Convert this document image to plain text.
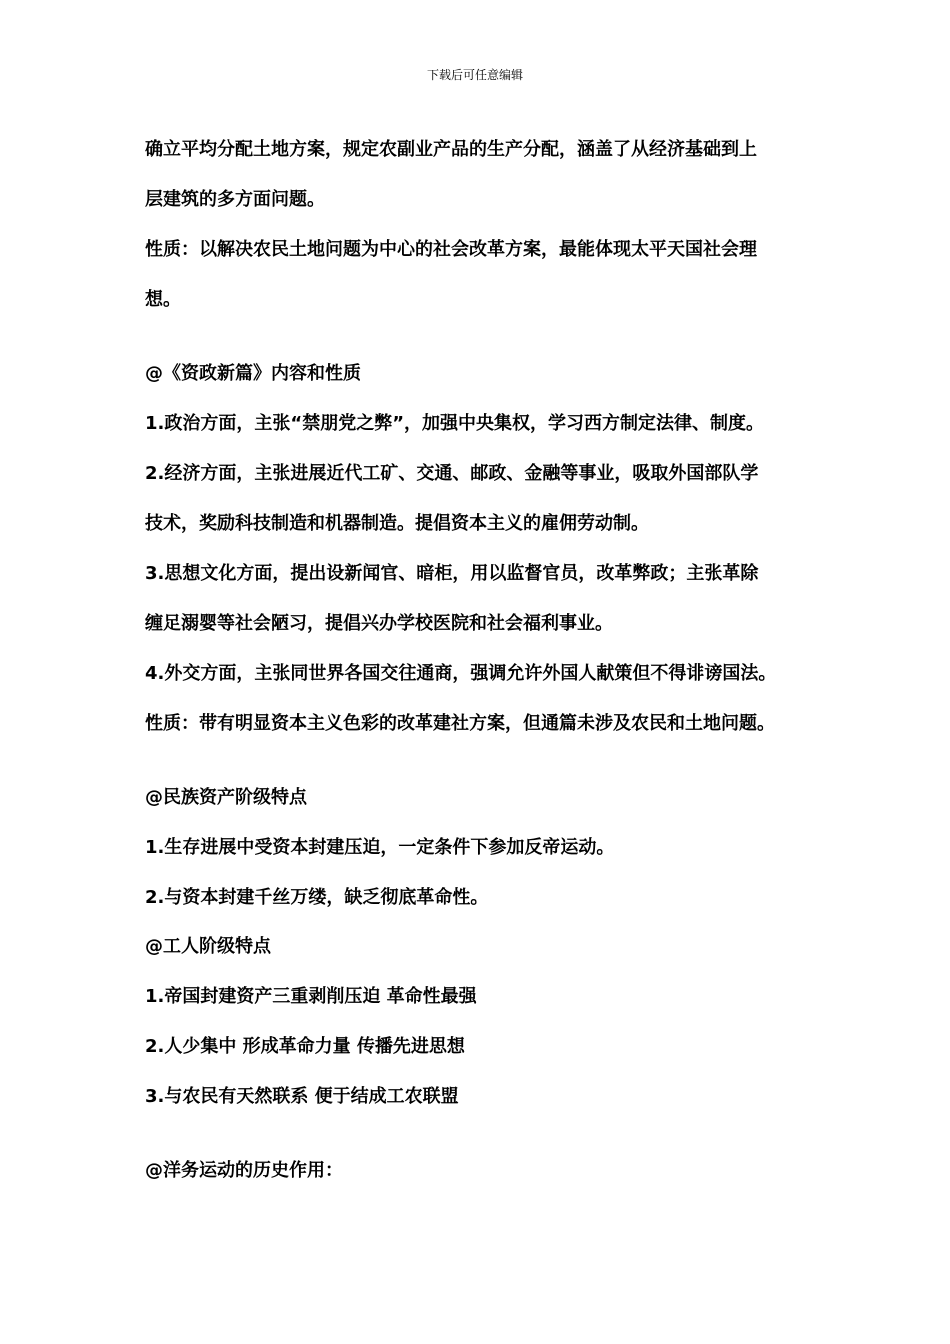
下载后可任意编辑
确立平均分配土地方案，规定农副业产品的生产分配，涵盖了从经济基础到上
层建筑的多方面问题。
性质：以解决农民土地问题为中心的社会改革方案，最能体现太平天国社会理
想。
@《资政新篇》内容和性质
1.政治方面，主张“禁朋党之弊”，加强中央集权，学习西方制定法律、制度。
2.经济方面，主张进展近代工矿、交通、邮政、金融等事业，吸取外国部队学
技术，奖励科技制造和机器制造。提倡资本主义的雇佣劳动制。
3.思想文化方面，提出设新闻官、暗柜，用以监督官员，改革弊政；主张革除
缠足溺婴等社会陋习，提倡兴办学校医院和社会福利事业。
4.外交方面，主张同世界各国交往通商，强调允许外国人献策但不得诽谤国法。
性质：带有明显资本主义色彩的改革建社方案，但通篇未涉及农民和土地问题。
@民族资产阶级特点
1.生存进展中受资本封建压迫，一定条件下参加反帝运动。
2.与资本封建千丝万缕，缺乏彻底革命性。
@工人阶级特点
1.帝国封建资产三重剥削压迫 革命性最强
2.人少集中 形成革命力量 传播先进思想
3.与农民有天然联系 便于结成工农联盟
@洋务运动的历史作用：
